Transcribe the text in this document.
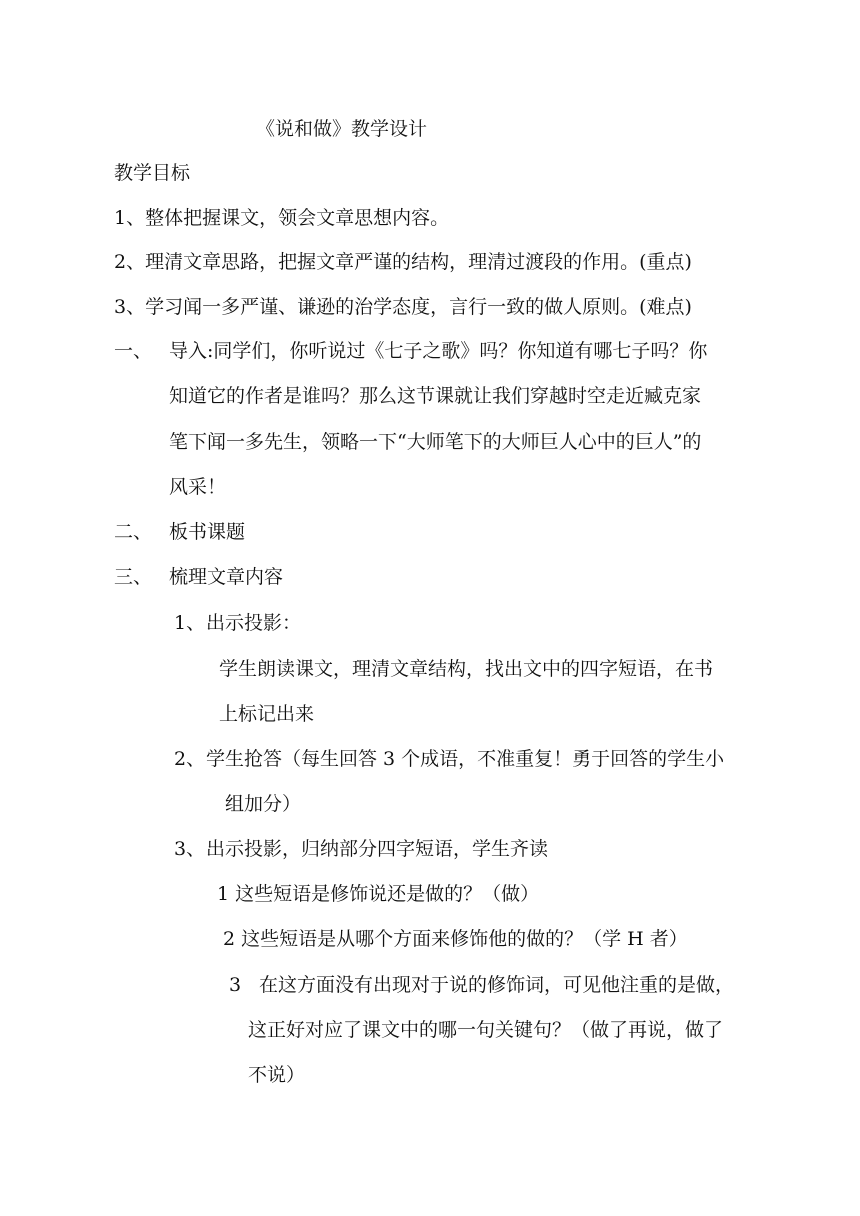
《说和做》教学设计

教学目标

1、整体把握课文，领会文章思想内容。

2、理清文章思路，把握文章严谨的结构，理清过渡段的作用。(重点)

3、学习闻一多严谨、谦逊的治学态度，言行一致的做人原则。(难点)

一、 导入:同学们，你听说过《七子之歌》吗？你知道有哪七子吗？你

知道它的作者是谁吗？那么这节课就让我们穿越时空走近臧克家

笔下闻一多先生，领略一下“大师笔下的大师巨人心中的巨人”的

风采！

二、 板书课题

三、 梳理文章内容

1、 出示投影：

学生朗读课文，理清文章结构，找出文中的四字短语，在书

上标记出来

2、 学生抢答（每生回答 3 个成语，不准重复！勇于回答的学生小

组加分）

3、 出示投影，归纳部分四字短语，学生齐读

1 这些短语是修饰说还是做的？（做）

2 这些短语是从哪个方面来修饰他的做的？（学 H 者）

3 在这方面没有出现对于说的修饰词，可见他注重的是做，

这正好对应了课文中的哪一句关键句？（做了再说，做了

不说）
